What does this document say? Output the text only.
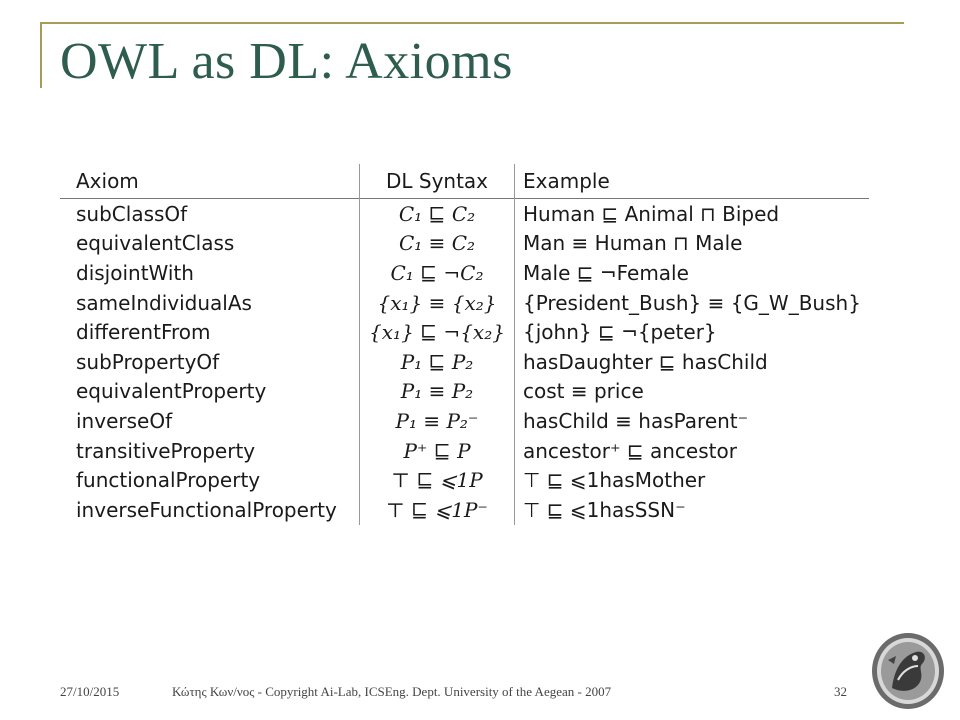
OWL as DL: Axioms
Axiom	DL Syntax	Example
subClassOf	C₁ ⊑ C₂	Human ⊑ Animal ⊓ Biped
equivalentClass	C₁ ≡ C₂	Man ≡ Human ⊓ Male
disjointWith	C₁ ⊑ ¬C₂	Male ⊑ ¬Female
sameIndividualAs	{x₁} ≡ {x₂}	{President_Bush} ≡ {G_W_Bush}
differentFrom	{x₁} ⊑ ¬{x₂}	{john} ⊑ ¬{peter}
subPropertyOf	P₁ ⊑ P₂	hasDaughter ⊑ hasChild
equivalentProperty	P₁ ≡ P₂	cost ≡ price
inverseOf	P₁ ≡ P₂⁻	hasChild ≡ hasParent⁻
transitiveProperty	P⁺ ⊑ P	ancestor⁺ ⊑ ancestor
functionalProperty	⊤ ⊑ ⩽1P	⊤ ⊑ ⩽1hasMother
inverseFunctionalProperty	⊤ ⊑ ⩽1P⁻	⊤ ⊑ ⩽1hasSSN⁻
27/10/2015	Κώτης Κων/νος - Copyright Ai-Lab, ICSEng. Dept. University of the Aegean - 2007	32
